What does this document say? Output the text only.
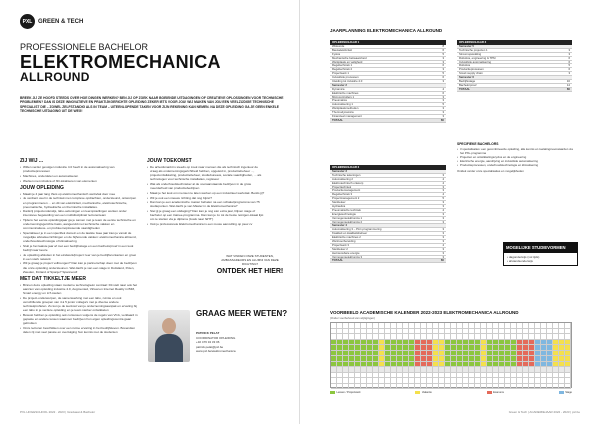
PXL GREEN & TECH
PROFESSIONELE BACHELOR
ELEKTROMECHANICA
ALLROUND
BREEK JIJ ZE HOOFD STEEDS OVER HOE DINGEN WERKEN? BEN JIJ OP ZOEK NAAR BOEIENDE UITDAGINGEN OF CREATIEVE OPLOSSINGEN VOOR TECHNISCHE PROBLEMEN? DAN IS DEZE INNOVATIEVE EN PRAKTIJKGERICHTE OPLEIDING ZEKER IETS VOOR JOU! WIJ MAKEN VAN JOU EEN VEELZIJDIGE TECHNISCHE SPECIALIST DIE – ZOWEL ZELFSTANDIG ALS IN TEAM – UITEENLOPENDE TAKEN VOOR ZIJN REKENING KAN NEMEN. NA DEZE OPLEIDING GA JE GEEN ENKELE TECHNISCHE UITDAGING UIT DE WEG!
ZIJ WIJ ...
• Willen verder gevolgen industrie 4.0 heeft in de automatisering van productieprocessen
• Machines, onderdelen en automatiseren
• Werken met robotica of 3D-lokaliseren van elementen
JOUW OPLEIDING
• Maakt je 4 jaar lang thuis op elektromechanisch werkvlak door mee
• Je verdient veel in de techniek met complexe opdrachten, ondersteund, ontworpen en programmeren ... en dit van elektriciteit, mechanische, elektrotechnische, pneumatische, hydraulische en thermische installaties.
• Dankzij projectonderwijs, labo-oefeningen en leeropstellingen werken onder intensieve begeleiding van een multidisciplinair lectorenteam
• Tijdens het eerste opleidingsjaar ga je samen met je team de eerste technische en ondernemingsgerichte basis, aangevuld met technische vakken en communicatieve- en probleemoplossende vaardigheden
• Specialiseer je in een specifiek domein en de laatste twee jaar kies je vanuit de mogelijke afstudeerrichtingen en de bijhorende vakken: elektromechanica allround, onderhoudstechnologie of klimatisering
• Sluit je het laatste jaar af met een bedrijfsstage en een bachelorproef in een leuk bedrijf naar keuze
• Je opleiding afsluiten in het eindwerk/project: leer van je bedrijfscontacten en groei in een sterk netwerk
• Wil je graag je project volbrengen? Dan kan je partnerschap doen met de bedrijven die onze opleiding ondersteunen. Wat dacht je van een stage in Duitsland, Polen, Zweden, Finland of Spanje? Spannend!
MET DAT TIKKELTJE MEER
• Binnen deze opleiding staan moderne technologieën centraal: Dit stelt naar ook het aanzien van opleiding industrie 4.0, Augmented, Virtual en Internet Reality in BIM, Smart energy en IoT-steden
• De project-onderwerpen, de samenwerking met een labo, ruimte en ook verschillende groepen van 4 à 5 junior collega's met je diverse andere techniekprofielen. Zo kun je de leerkost van je ondernemingsaanpak en ervaring bij een labo in je verdere opleiding en je team sterker ontwikkelen
• Bewust hebben je opleiding ook cursussen volgens de regels van VCA, verklaard in gepaste en andere lessen waarvoor bedrijven hun eigen opleidingscentra gaan gebruiken
• Onze lectoren beschikken over een ruime ervaring in het bedrijfsleven. Bovendien delen zij met veel passie en overtuiging hun kennis met de studenten
JOUW TOEKOMST
• De arbeidsmarkt is steeds op zoek naar mensen die als technisch ingenieur de vraag als ondernemingsgerichtheid hebben, opgeleid in, productiebeheer ..., projectontwikkeling, productiebeheer, studiebureaus, sociale vaardigheden, ... als technologen voor technische installaties, regisseur
• Wat als onderhoudstechnieker al de vooraanstaande bedrijven in de grote meerderheid van productiebedrijven
• Maak je het leuk om mensen te laten werken op een industrieel werkvlak. Beslis jij?
• Wil je ook een nieuwe richting dat nog bijzet?
• Dan kan je een academische master behalen na een schakelprogramma van 75 studiepunten. Wat dacht je van Master in de Elektromechanica?
• Stel jij je graag een uitdaging? Dan kan je nog één extra jaar, blijven stage of bachelor op een trainee-programma. Dan kan je zo tot de beste reinigen-lokaal lijst om te starten via je diploma (zoals naar 'EHT')
• Ook je professionele Elektromechanica is een mooie aanvulling op jouw cv
WAT VINDEN ONZE STUDENTEN, AMBASSADEURS EN ALUMNI VAN DEZE RICHTING?
ONTDEK HET HIER!
GRAAG MEER WETEN?
PATRICK PELAT
COORDINATOR OPLEIDING
+32 476 34 33 06
patrick.pelat@pxl.be
www.pxl.be/elektromechanica
PXL HOGESCHOOL 2022 · 2023 | Graduaat & Bachelor
JAARPLANNING ELEKTROMECHANICA ALLROUND
OPLEIDINGSJAAR 1
Wiskunde	8
Basiselektriciteit	6
Fysica	5
Mechanische bekwaamheid	3
Werkplaats en veiligheid	3
Regeltechniek 1	6
Regeltechniek 2	3
Projectwerk 1	5
Industriële processen	6
Inleiding tot industrie 4.0	3
Semester 2
Dynamica	4
Elektrische machines	6
Microcontrollers 1	3
Pneumatica	3
Automatisering 1	5
Werkplaatsmethoden	3
Thermodynamica	3
Financieel management	3
TOTAAL	60
OPLEIDINGSJAAR 2
Semester 3
Technische tekeningen	3
Automatisering 2	4
Elektrotechnisch ontwerp	4
Projecttechniek	3
Productiemanagement	3
Regeltechniek 3	4
Projectmanagement 2	5
Sterkteleer	3
Hydraulica	3
Pneumatische techniek	4
Energietechnologie	3
Vermogenselektronica 1	3
Vermogenselektronica 2	3
Semester 4
Automatisering 3 – PLC-programmering	3
Kwaliteit en kwaliteitsbeheer	3
Elektrische machines 2	3
Werkvoorbereiding	3
Projectwerk 3	4
Sterkteleer 2	3
Hernieuwbare energie	3
Vermogenselektronica 3	3
TOTAAL	60
OPLEIDINGSJAAR 3
Semester 5
Technische projecten 1	3
Stroomopwekking	3
Robotica, engineering & TPM	6
Industriële automatisering	6
Robotica	5
Productieprocessen	6
Smart supply chain	3
Semester 6
Bedrijfsstage	16
Bachelorproef	14
TOTAAL	60
SPECIFIEKE BACHELORS
• 3 specialisaties: een gecombineerde opleiding, alle kennis en toelatingsvoorwaarden via het PXL-programma
• Projecten en ontwikkelingscyclus en de engineering
• Electrische energie, aandrijving en industriële automatisering
• Productieprocessen, onderhoudstechnologie en klimatisering
Ontdek verder onze specialisaties en mogelijkheden
MOGELIJKE STUDIEVORMEN
• dagonderwijs (vol tijds)
• afstandsonderwijs
VOORBEELD ACADEMISCHE KALENDER 2022-2023 ELEKTROMECHANICA ALLROUND
(Onder voorbehoud van wijzigingen)
Lessen / Projectwerk	Vakantie	Examens	Stage
Green & Tech | ACADEMIEJAAR 2022 - 2023 | pxl.be
